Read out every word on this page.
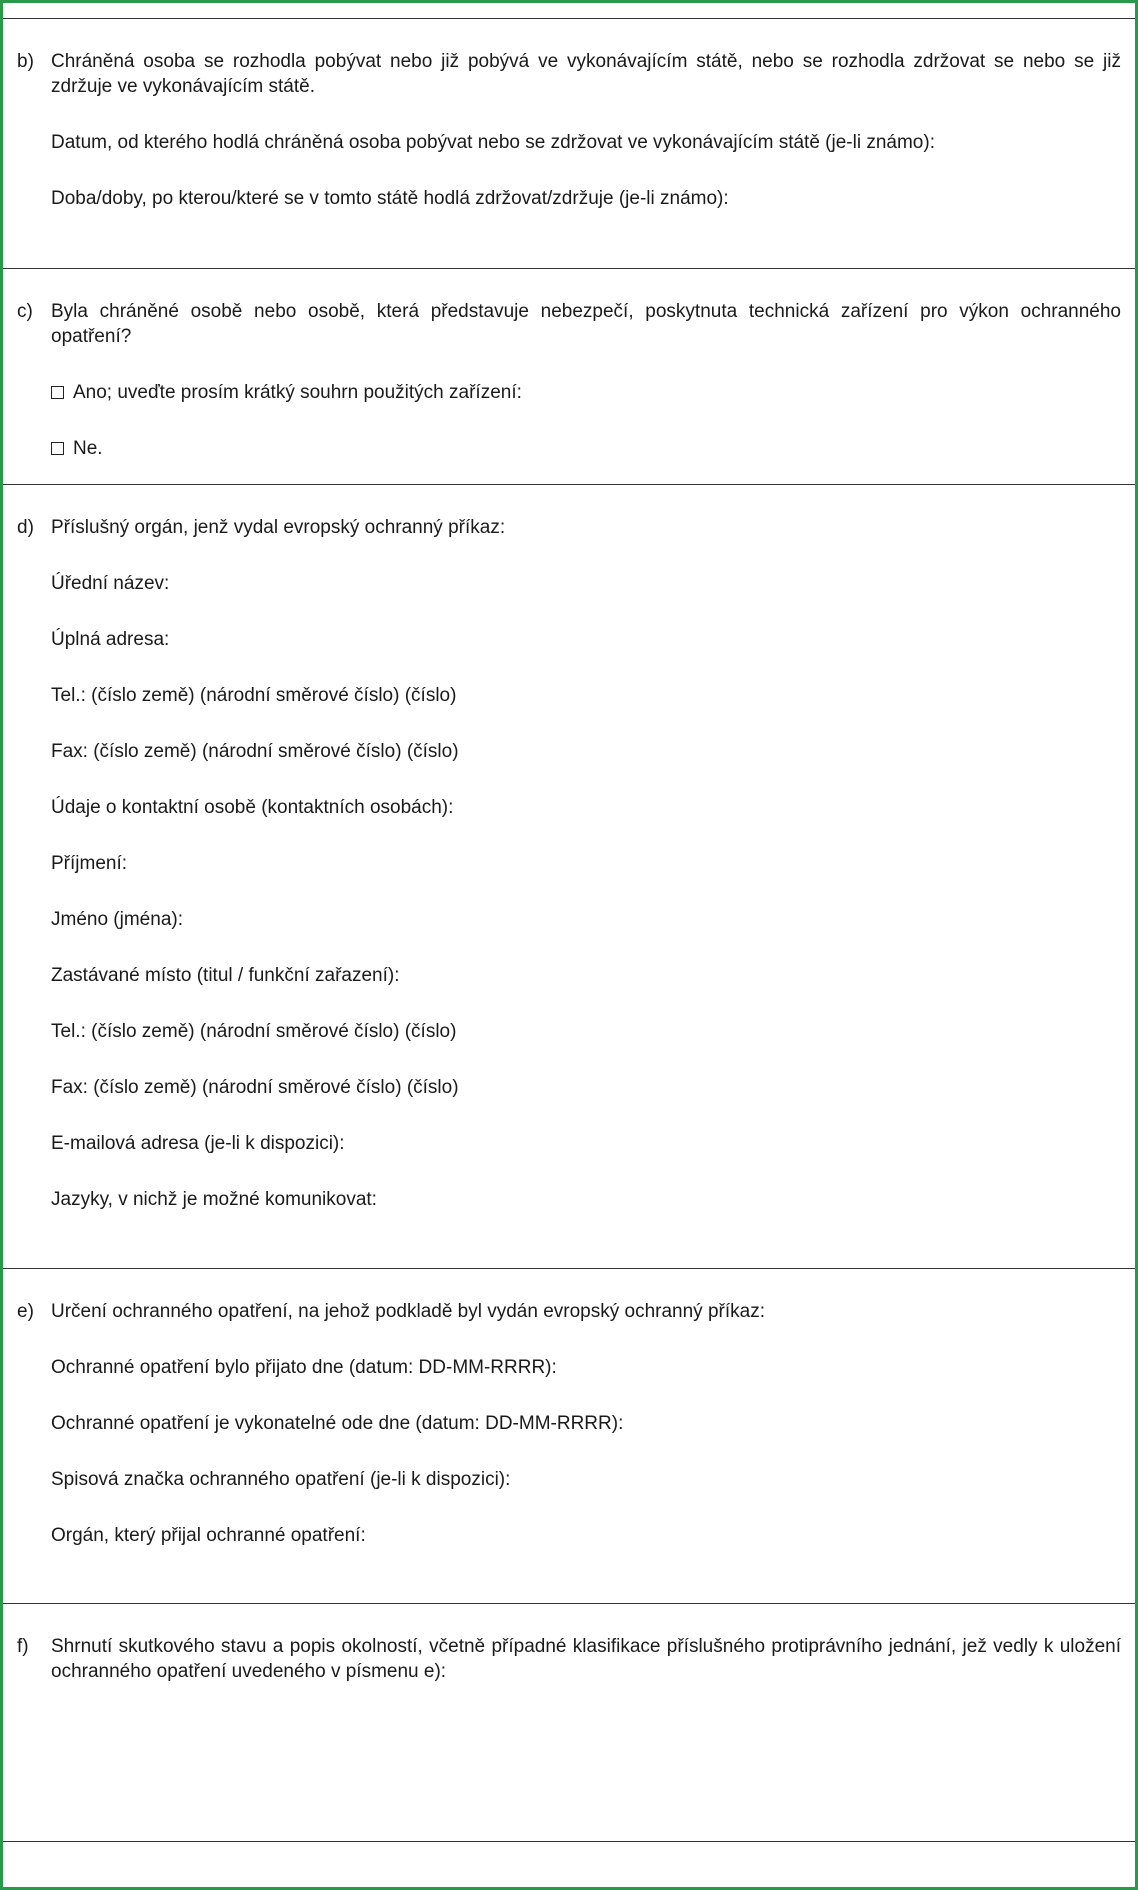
b) Chráněná osoba se rozhodla pobývat nebo již pobývá ve vykonávajícím státě, nebo se rozhodla zdržovat se nebo se již zdržuje ve vykonávajícím státě.

Datum, od kterého hodlá chráněná osoba pobývat nebo se zdržovat ve vykonávajícím státě (je-li známo):
Doba/doby, po kterou/které se v tomto státě hodlá zdržovat/zdržuje (je-li známo):
c) Byla chráněné osobě nebo osobě, která představuje nebezpečí, poskytnuta technická zařízení pro výkon ochranného opatření?

Ano; uveďte prosím krátký souhrn použitých zařízení:
Ne.
d) Příslušný orgán, jenž vydal evropský ochranný příkaz:

Úřední název:
Úplná adresa:
Tel.: (číslo země) (národní směrové číslo) (číslo)
Fax: (číslo země) (národní směrové číslo) (číslo)
Údaje o kontaktní osobě (kontaktních osobách):
Příjmení:
Jméno (jména):
Zastávané místo (titul / funkční zařazení):
Tel.: (číslo země) (národní směrové číslo) (číslo)
Fax: (číslo země) (národní směrové číslo) (číslo)
E-mailová adresa (je-li k dispozici):
Jazyky, v nichž je možné komunikovat:
e) Určení ochranného opatření, na jehož podkladě byl vydán evropský ochranný příkaz:

Ochranné opatření bylo přijato dne (datum: DD-MM-RRRR):
Ochranné opatření je vykonatelné ode dne (datum: DD-MM-RRRR):
Spisová značka ochranného opatření (je-li k dispozici):
Orgán, který přijal ochranné opatření:
f)	Shrnutí skutkového stavu a popis okolností, včetně případné klasifikace příslušného protiprávního jednání, jež vedly k uložení ochranného opatření uvedeného v písmenu e):
